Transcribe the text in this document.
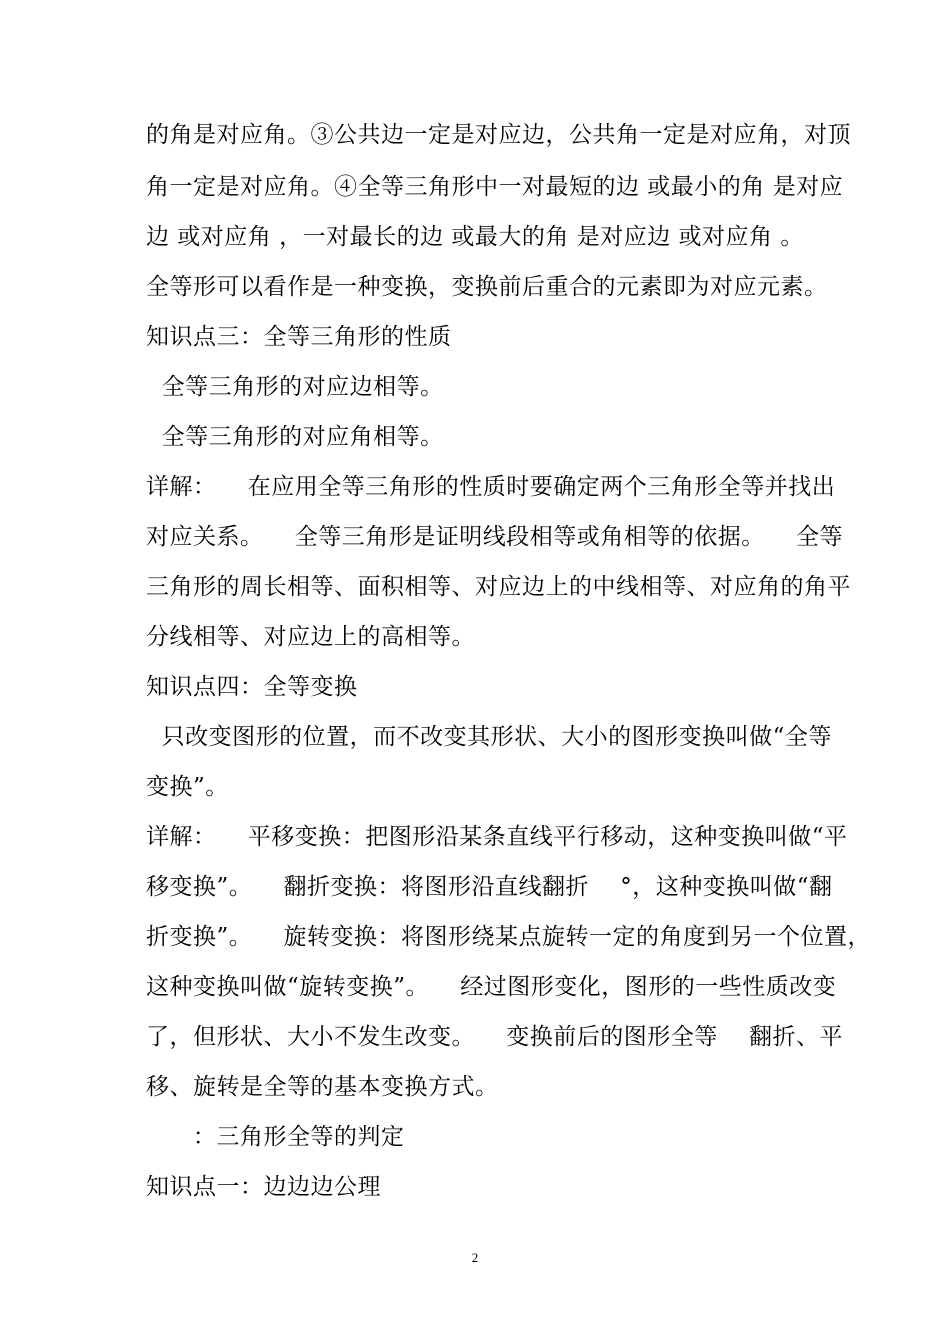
的角是对应角。③公共边一定是对应边，公共角一定是对应角，对顶
角一定是对应角。④全等三角形中一对最短的边 或最小的角 是对应
边 或对应角 ，一对最长的边 或最大的角 是对应边 或对应角 。
全等形可以看作是一种变换，变换前后重合的元素即为对应元素。
知识点三：全等三角形的性质
全等三角形的对应边相等。
全等三角形的对应角相等。
详解：    在应用全等三角形的性质时要确定两个三角形全等并找出
对应关系。    全等三角形是证明线段相等或角相等的依据。    全等
三角形的周长相等、面积相等、对应边上的中线相等、对应角的角平
分线相等、对应边上的高相等。
知识点四：全等变换
只改变图形的位置，而不改变其形状、大小的图形变换叫做“全等
变换”。
详解：    平移变换：把图形沿某条直线平行移动，这种变换叫做“平
移变换”。    翻折变换：将图形沿直线翻折    °，这种变换叫做“翻
折变换”。    旋转变换：将图形绕某点旋转一定的角度到另一个位置，
这种变换叫做“旋转变换”。    经过图形变化，图形的一些性质改变
了，但形状、大小不发生改变。    变换前后的图形全等    翻折、平
移、旋转是全等的基本变换方式。
：三角形全等的判定
知识点一：边边边公理
2
